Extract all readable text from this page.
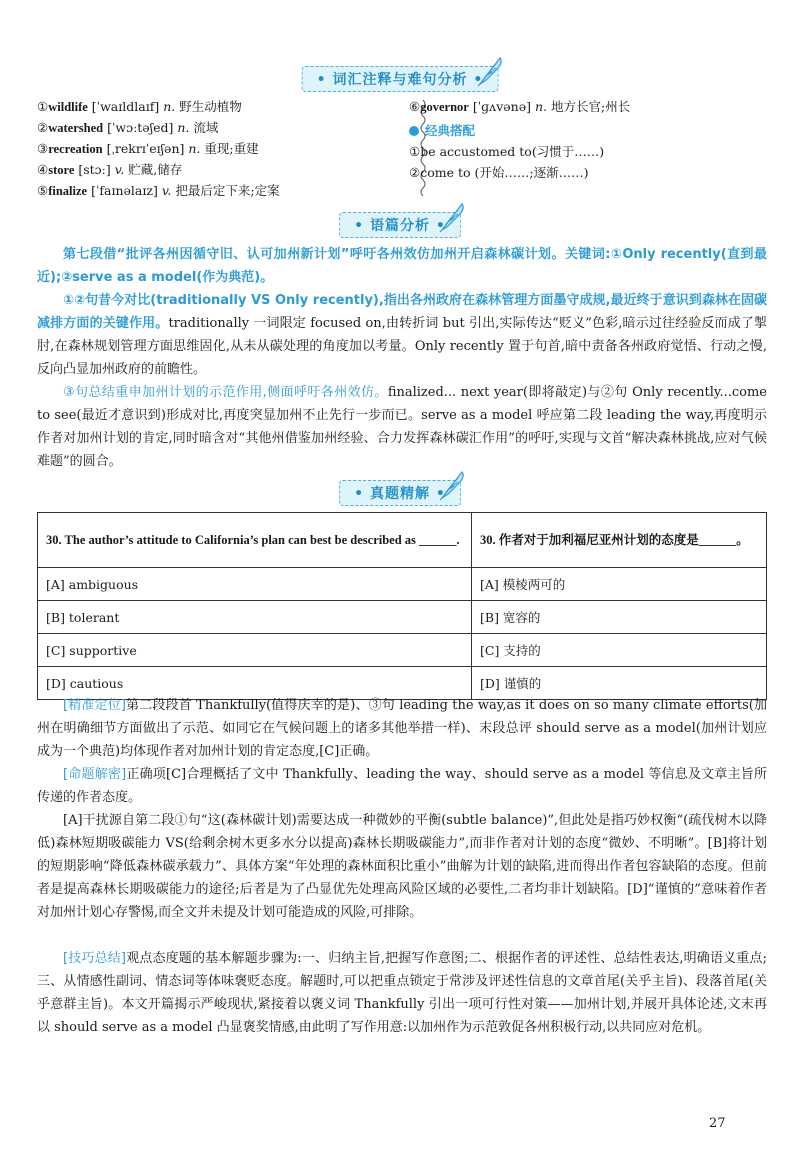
• 词汇注释与难句分析 •
①wildlife [ˈwaɪldlaɪf] n. 野生动植物
②watershed [ˈwɔːtəʃed] n. 流域
③recreation [ˌrekrɪˈeɪʃən] n. 重现;重建
④store [stɔː] v. 贮藏,储存
⑤finalize [ˈfaɪnəlaɪz] v. 把最后定下来;定案
⑥governor [ˈɡʌvənə] n. 地方长官;州长
经典搭配
①be accustomed to(习惯于……)
②come to (开始……;逐渐……)
• 语篇分析 •
第七段借“批评各州因循守旧、认可加州新计划”呼吁各州效仿加州开启森林碳计划。关键词:①Only recently(直到最近);②serve as a model(作为典范)。
①②句昔今对比(traditionally VS Only recently),指出各州政府在森林管理方面墨守成规,最近终于意识到森林在固碳减排方面的关键作用。traditionally 一词限定 focused on,由转折词 but 引出,实际传达“贬义”色彩,暗示过往经验反而成了掣肘,在森林规划管理方面思维固化,从未从碳处理的角度加以考量。Only recently 置于句首,暗中责备各州政府觉悟、行动之慢,反向凸显加州政府的前瞻性。
③句总结重申加州计划的示范作用,侧面呼吁各州效仿。finalized... next year(即将敲定)与②句 Only recently...come to see(最近才意识到)形成对比,再度突显加州不止先行一步而已。serve as a model 呼应第二段 leading the way,再度明示作者对加州计划的肯定,同时暗含对“其他州借鉴加州经验、合力发挥森林碳汇作用”的呼吁,实现与文首“解决森林挑战,应对气候难题”的圆合。
• 真题精解 •
30. The author’s attitude to California’s plan can best be described as ______.	30. 作者对于加利福尼亚州计划的态度是______。
[A] ambiguous	[A] 模棱两可的
[B] tolerant	[B] 宽容的
[C] supportive	[C] 支持的
[D] cautious	[D] 谨慎的
[精准定位]第二段段首 Thankfully(值得庆幸的是)、③句 leading the way,as it does on so many climate efforts(加州在明确细节方面做出了示范、如同它在气候问题上的诸多其他举措一样)、末段总评 should serve as a model(加州计划应成为一个典范)均体现作者对加州计划的肯定态度,[C]正确。
[命题解密]正确项[C]合理概括了文中 Thankfully、leading the way、should serve as a model 等信息及文章主旨所传递的作者态度。
[A]干扰源自第二段①句“这(森林碳计划)需要达成一种微妙的平衡(subtle balance)”,但此处是指巧妙权衡“(疏伐树木以降低)森林短期吸碳能力 VS(给剩余树木更多水分以提高)森林长期吸碳能力”,而非作者对计划的态度“微妙、不明晰”。[B]将计划的短期影响“降低森林碳承载力”、具体方案“年处理的森林面积比重小”曲解为计划的缺陷,进而得出作者包容缺陷的态度。但前者是提高森林长期吸碳能力的途径;后者是为了凸显优先处理高风险区域的必要性,二者均非计划缺陷。[D]“谨慎的”意味着作者对加州计划心存警惕,而全文并未提及计划可能造成的风险,可排除。
[技巧总结]观点态度题的基本解题步骤为:一、归纳主旨,把握写作意图;二、根据作者的评述性、总结性表达,明确语义重点;三、从情感性副词、情态词等体味褒贬态度。解题时,可以把重点锁定于常涉及评述性信息的文章首尾(关乎主旨)、段落首尾(关乎意群主旨)。本文开篇揭示严峻现状,紧接着以褒义词 Thankfully 引出一项可行性对策——加州计划,并展开具体论述,文末再以 should serve as a model 凸显褒奖情感,由此明了写作用意:以加州作为示范敦促各州积极行动,以共同应对危机。
27
